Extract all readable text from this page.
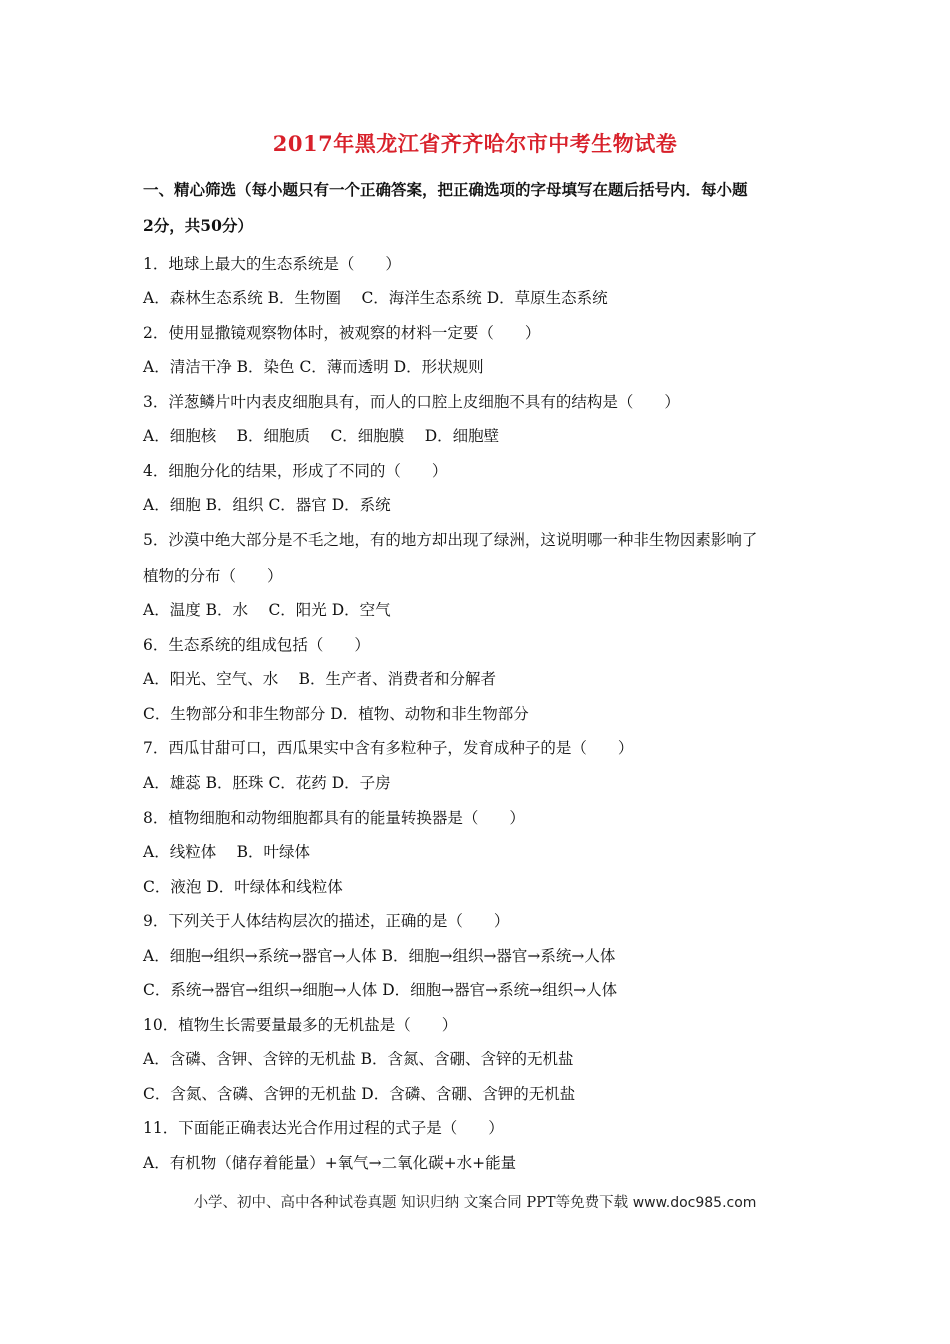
2017年黑龙江省齐齐哈尔市中考生物试卷
一、精心筛选（每小题只有一个正确答案，把正确选项的字母填写在题后括号内．每小题
2分，共50分）
1．地球上最大的生态系统是（　　）
A．森林生态系统 B．生物圈　 C．海洋生态系统 D．草原生态系统
2．使用显撒镜观察物体时，被观察的材料一定要（　　）
A．清洁干净 B．染色 C．薄而透明 D．形状规则
3．洋葱鳞片叶内表皮细胞具有，而人的口腔上皮细胞不具有的结构是（　　）
A．细胞核　 B．细胞质　 C．细胞膜　 D．细胞壁
4．细胞分化的结果，形成了不同的（　　）
A．细胞 B．组织 C．器官 D．系统
5．沙漠中绝大部分是不毛之地，有的地方却出现了绿洲，这说明哪一种非生物因素影响了
植物的分布（　　）
A．温度 B．水　 C．阳光 D．空气
6．生态系统的组成包括（　　）
A．阳光、空气、水　 B．生产者、消费者和分解者
C．生物部分和非生物部分 D．植物、动物和非生物部分
7．西瓜甘甜可口，西瓜果实中含有多粒种子，发育成种子的是（　　）
A．雄蕊 B．胚珠 C．花药 D．子房
8．植物细胞和动物细胞都具有的能量转换器是（　　）
A．线粒体　 B．叶绿体
C．液泡 D．叶绿体和线粒体
9．下列关于人体结构层次的描述，正确的是（　　）
A．细胞→组织→系统→器官→人体 B．细胞→组织→器官→系统→人体
C．系统→器官→组织→细胞→人体 D．细胞→器官→系统→组织→人体
10．植物生长需要量最多的无机盐是（　　）
A．含磷、含钾、含锌的无机盐 B．含氮、含硼、含锌的无机盐
C．含氮、含磷、含钾的无机盐 D．含磷、含硼、含钾的无机盐
11．下面能正确表达光合作用过程的式子是（　　）
A．有机物（储存着能量）+氧气→二氧化碳+水+能量
小学、初中、高中各种试卷真题 知识归纳 文案合同 PPT等免费下载 www.doc985.com
